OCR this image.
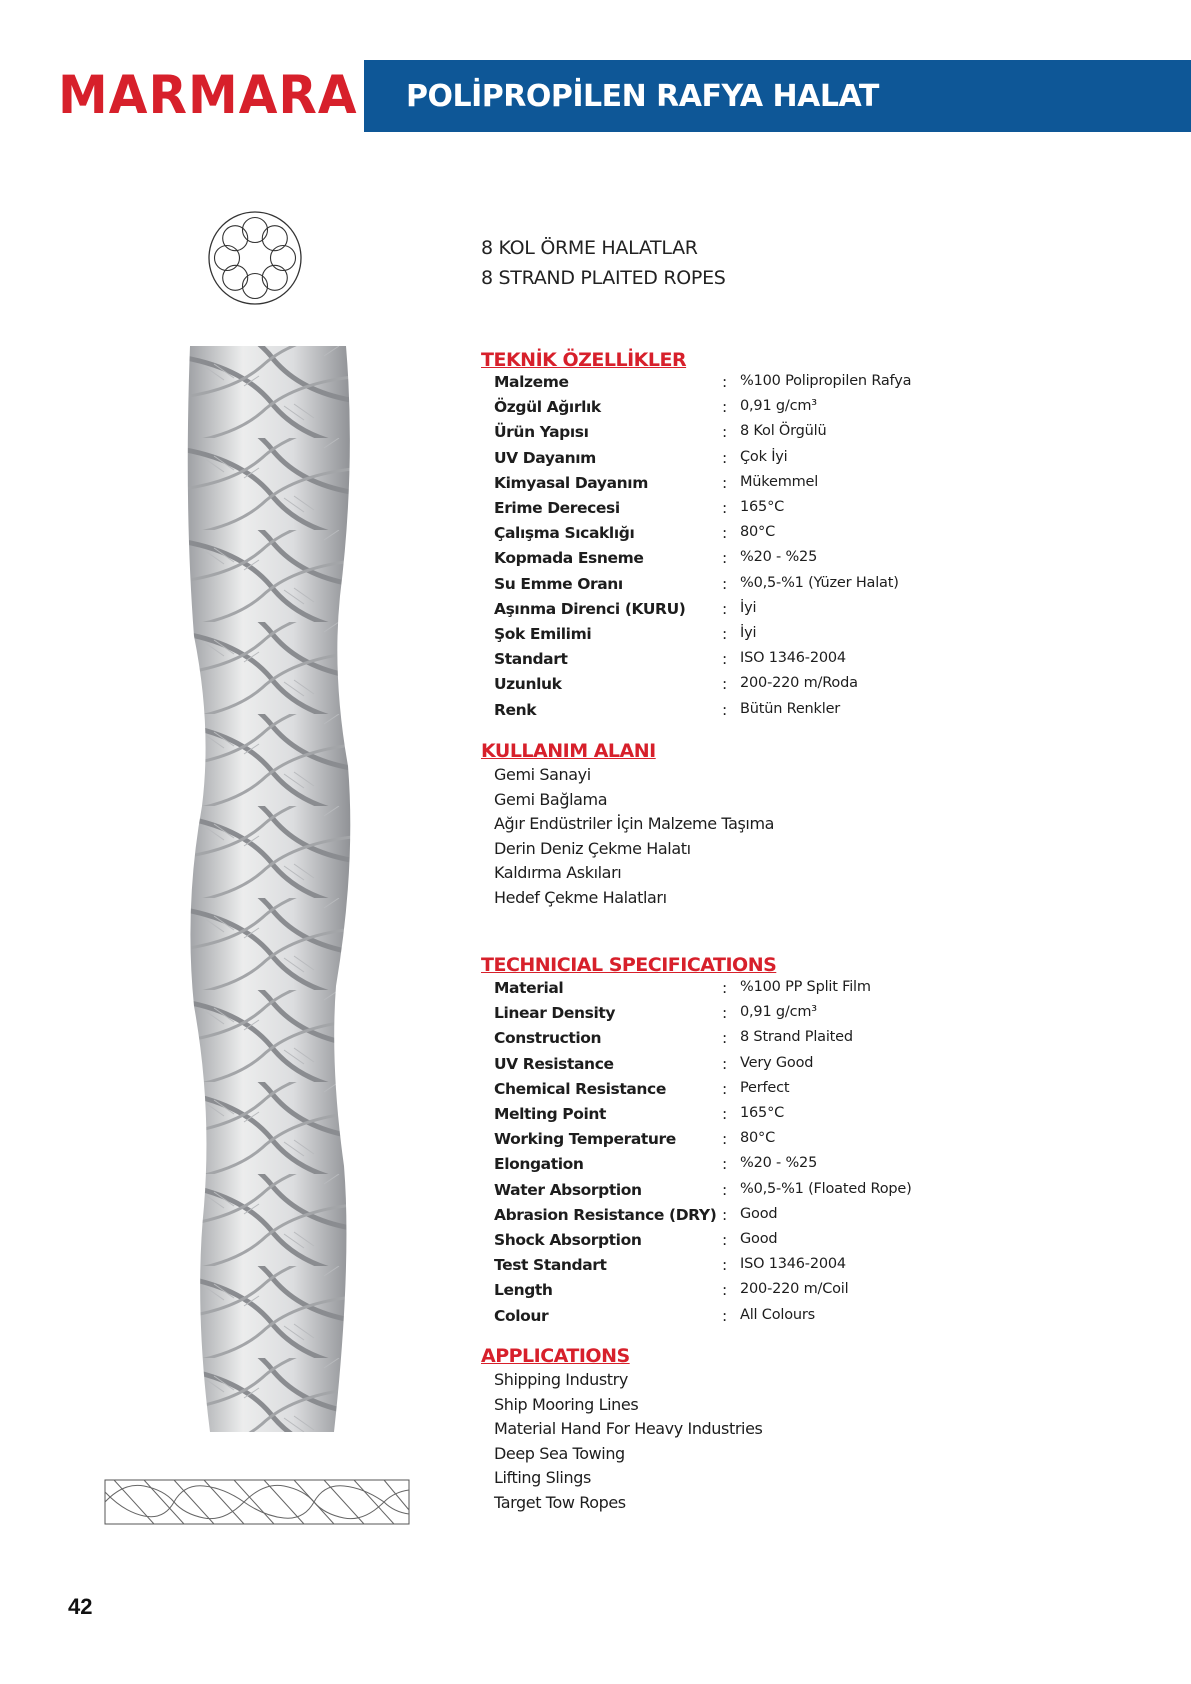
MARMARA POLİPROPİLEN RAFYA HALAT
8 KOL ÖRME HALATLAR
8 STRAND PLAITED ROPES
TEKNİK ÖZELLİKLER
Malzeme	: %100 Polipropilen Rafya
Özgül Ağırlık	: 0,91 g/cm³
Ürün Yapısı	: 8 Kol Örgülü
UV Dayanım	: Çok İyi
Kimyasal Dayanım	: Mükemmel
Erime Derecesi	: 165°C
Çalışma Sıcaklığı	: 80°C
Kopmada Esneme	: %20 - %25
Su Emme Oranı	: %0,5-%1 (Yüzer Halat)
Aşınma Direnci (KURU) : İyi
Şok Emilimi	: İyi
Standart	: ISO 1346-2004
Uzunluk	: 200-220 m/Roda
Renk	: Bütün Renkler
KULLANIM ALANI
Gemi Sanayi
Gemi Bağlama
Ağır Endüstriler İçin Malzeme Taşıma
Derin Deniz Çekme Halatı
Kaldırma Askıları
Hedef Çekme Halatları
TECHNICIAL SPECIFICATIONS
Material	: %100 PP Split Film
Linear Density	: 0,91 g/cm³
Construction	: 8 Strand Plaited
UV Resistance	: Very Good
Chemical Resistance	: Perfect
Melting Point	: 165°C
Working Temperature	: 80°C
Elongation	: %20 - %25
Water Absorption	: %0,5-%1 (Floated Rope)
Abrasion Resistance (DRY) : Good
Shock Absorption	: Good
Test Standart	: ISO 1346-2004
Length	: 200-220 m/Coil
Colour	: All Colours
APPLICATIONS
Shipping Industry
Ship Mooring Lines
Material Hand For Heavy Industries
Deep Sea Towing
Lifting Slings
Target Tow Ropes
42
